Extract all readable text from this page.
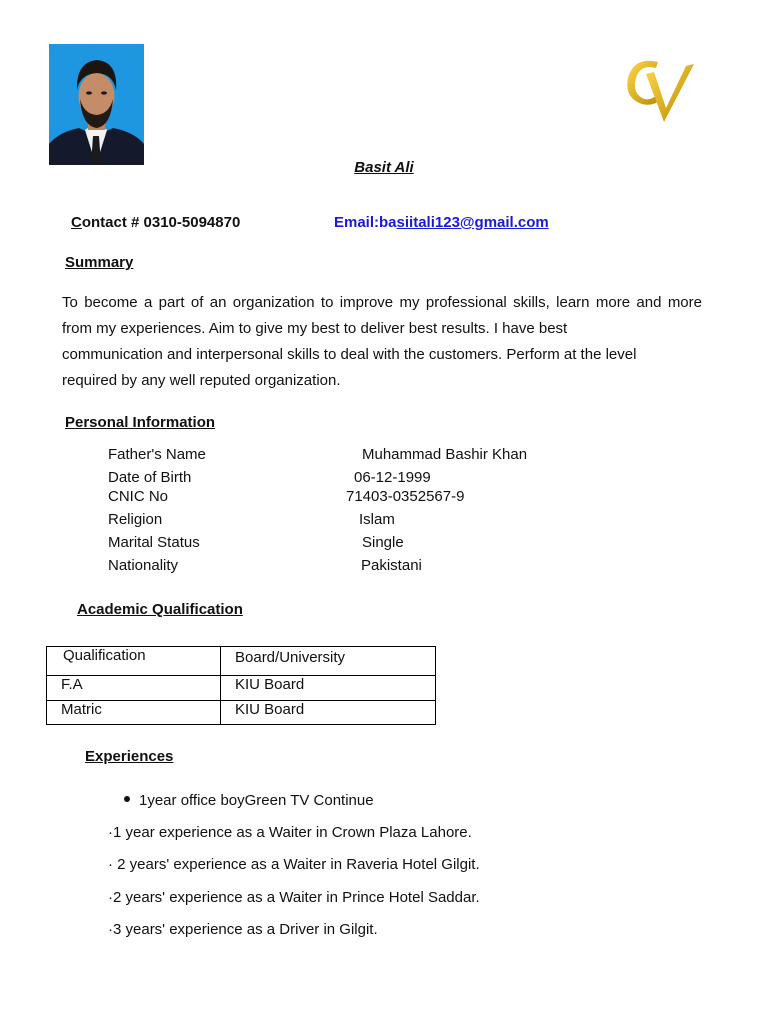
Basit Ali
Contact # 0310-5094870	Email:basiitali123@gmail.com
Summary
To become a part of an organization to improve my professional skills, learn more and more
from my experiences. Aim to give my best to deliver best results. I have best
communication and interpersonal skills to deal with the customers. Perform at the level
required by any well reputed organization.
Personal Information
Father's Name	Muhammad Bashir Khan
Date of Birth	06-12-1999
CNIC No	71403-0352567-9
Religion	Islam
Marital Status	Single
Nationality	Pakistani
Academic Qualification
Qualification	Board/University
F.A	KIU Board
Matric	KIU Board
Experiences
1year office boyGreen TV Continue
·1 year experience as a Waiter in Crown Plaza Lahore.
· 2 years' experience as a Waiter in Raveria Hotel Gilgit.
·2 years' experience as a Waiter in Prince Hotel Saddar.
·3 years' experience as a Driver in Gilgit.
